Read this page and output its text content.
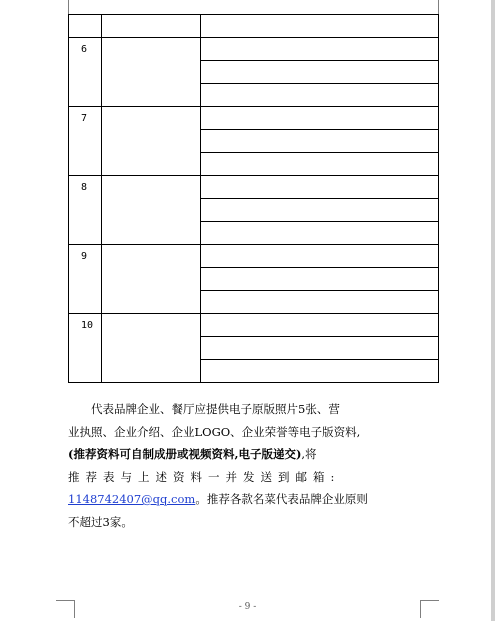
6		

7		

8		

9		

10		

代表品牌企业、餐厅应提供电子原版照片5张、营

业执照、企业介绍、企业LOGO、企业荣誉等电子版资料,

(推荐资料可自制成册或视频资料,电子版递交),将

推荐表与上述资料一并发送到邮箱:

1148742407@qq.com。推荐各款名菜代表品牌企业原则

不超过3家。

- 9 -
